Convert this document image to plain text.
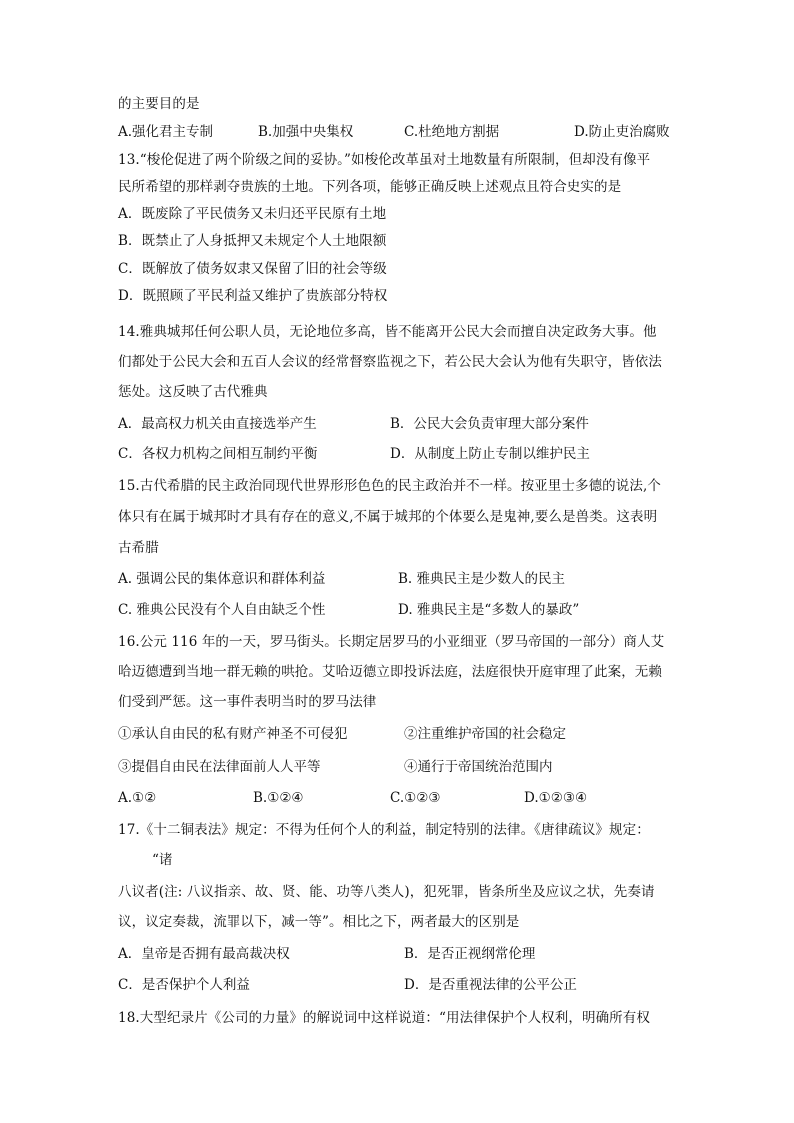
的主要目的是
A.强化君主专制	B.加强中央集权	C.杜绝地方割据	D.防止吏治腐败
13.“梭伦促进了两个阶级之间的妥协。”如梭伦改革虽对土地数量有所限制，但却没有像平
民所希望的那样剥夺贵族的土地。下列各项，能够正确反映上述观点且符合史实的是
A．既废除了平民债务又未归还平民原有土地
B．既禁止了人身抵押又未规定个人土地限额
C．既解放了债务奴隶又保留了旧的社会等级
D．既照顾了平民利益又维护了贵族部分特权
14.雅典城邦任何公职人员，无论地位多高，皆不能离开公民大会而擅自决定政务大事。他
们都处于公民大会和五百人会议的经常督察监视之下，若公民大会认为他有失职守，皆依法
惩处。这反映了古代雅典
A．最高权力机关由直接选举产生	B．公民大会负责审理大部分案件
C．各权力机构之间相互制约平衡	D．从制度上防止专制以维护民主
15.古代希腊的民主政治同现代世界形形色色的民主政治并不一样。按亚里士多德的说法,个
体只有在属于城邦时才具有存在的意义,不属于城邦的个体要么是鬼神,要么是兽类。这表明
古希腊
A. 强调公民的集体意识和群体利益	B. 雅典民主是少数人的民主
C. 雅典公民没有个人自由缺乏个性	D. 雅典民主是“多数人的暴政”
16.公元 116 年的一天，罗马街头。长期定居罗马的小亚细亚（罗马帝国的一部分）商人艾
哈迈德遭到当地一群无赖的哄抢。艾哈迈德立即投诉法庭，法庭很快开庭审理了此案，无赖
们受到严惩。这一事件表明当时的罗马法律
①承认自由民的私有财产神圣不可侵犯	②注重维护帝国的社会稳定
③提倡自由民在法律面前人人平等	④通行于帝国统治范围内
A.①②	B.①②④	C.①②③	D.①②③④
17.《十二铜表法》规定：不得为任何个人的利益，制定特别的法律。《唐律疏议》规定：
“诸
八议者(注: 八议指亲、故、贤、能、功等八类人)，犯死罪，皆条所坐及应议之状，先奏请
议，议定奏裁，流罪以下，减一等”。相比之下，两者最大的区别是
A．皇帝是否拥有最高裁决权	B．是否正视纲常伦理
C．是否保护个人利益	D．是否重视法律的公平公正
18.大型纪录片《公司的力量》的解说词中这样说道：“用法律保护个人权利，明确所有权
